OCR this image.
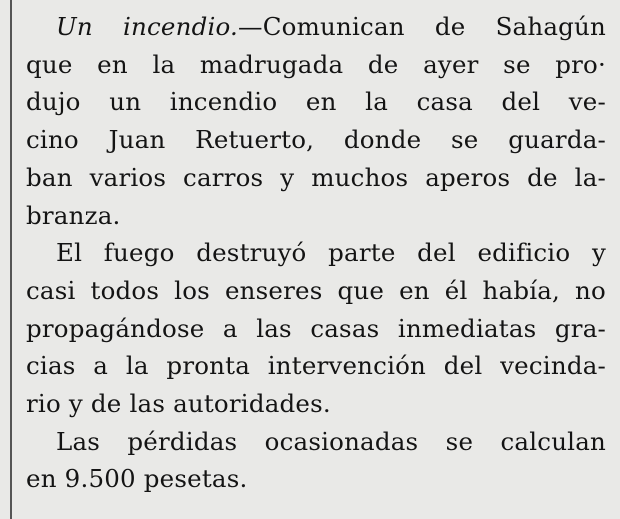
Un incendio.—Comunican de Sahagún
que en la madrugada de ayer se pro·
dujo un incendio en la casa del ve-
cino Juan Retuerto, donde se guarda-
ban varios carros y muchos aperos de la-
branza.

El fuego destruyó parte del edificio y
casi todos los enseres que en él había, no
propagándose a las casas inmediatas gra-
cias a la pronta intervención del vecinda-
rio y de las autoridades.

Las pérdidas ocasionadas se calculan
en 9.500 pesetas.
